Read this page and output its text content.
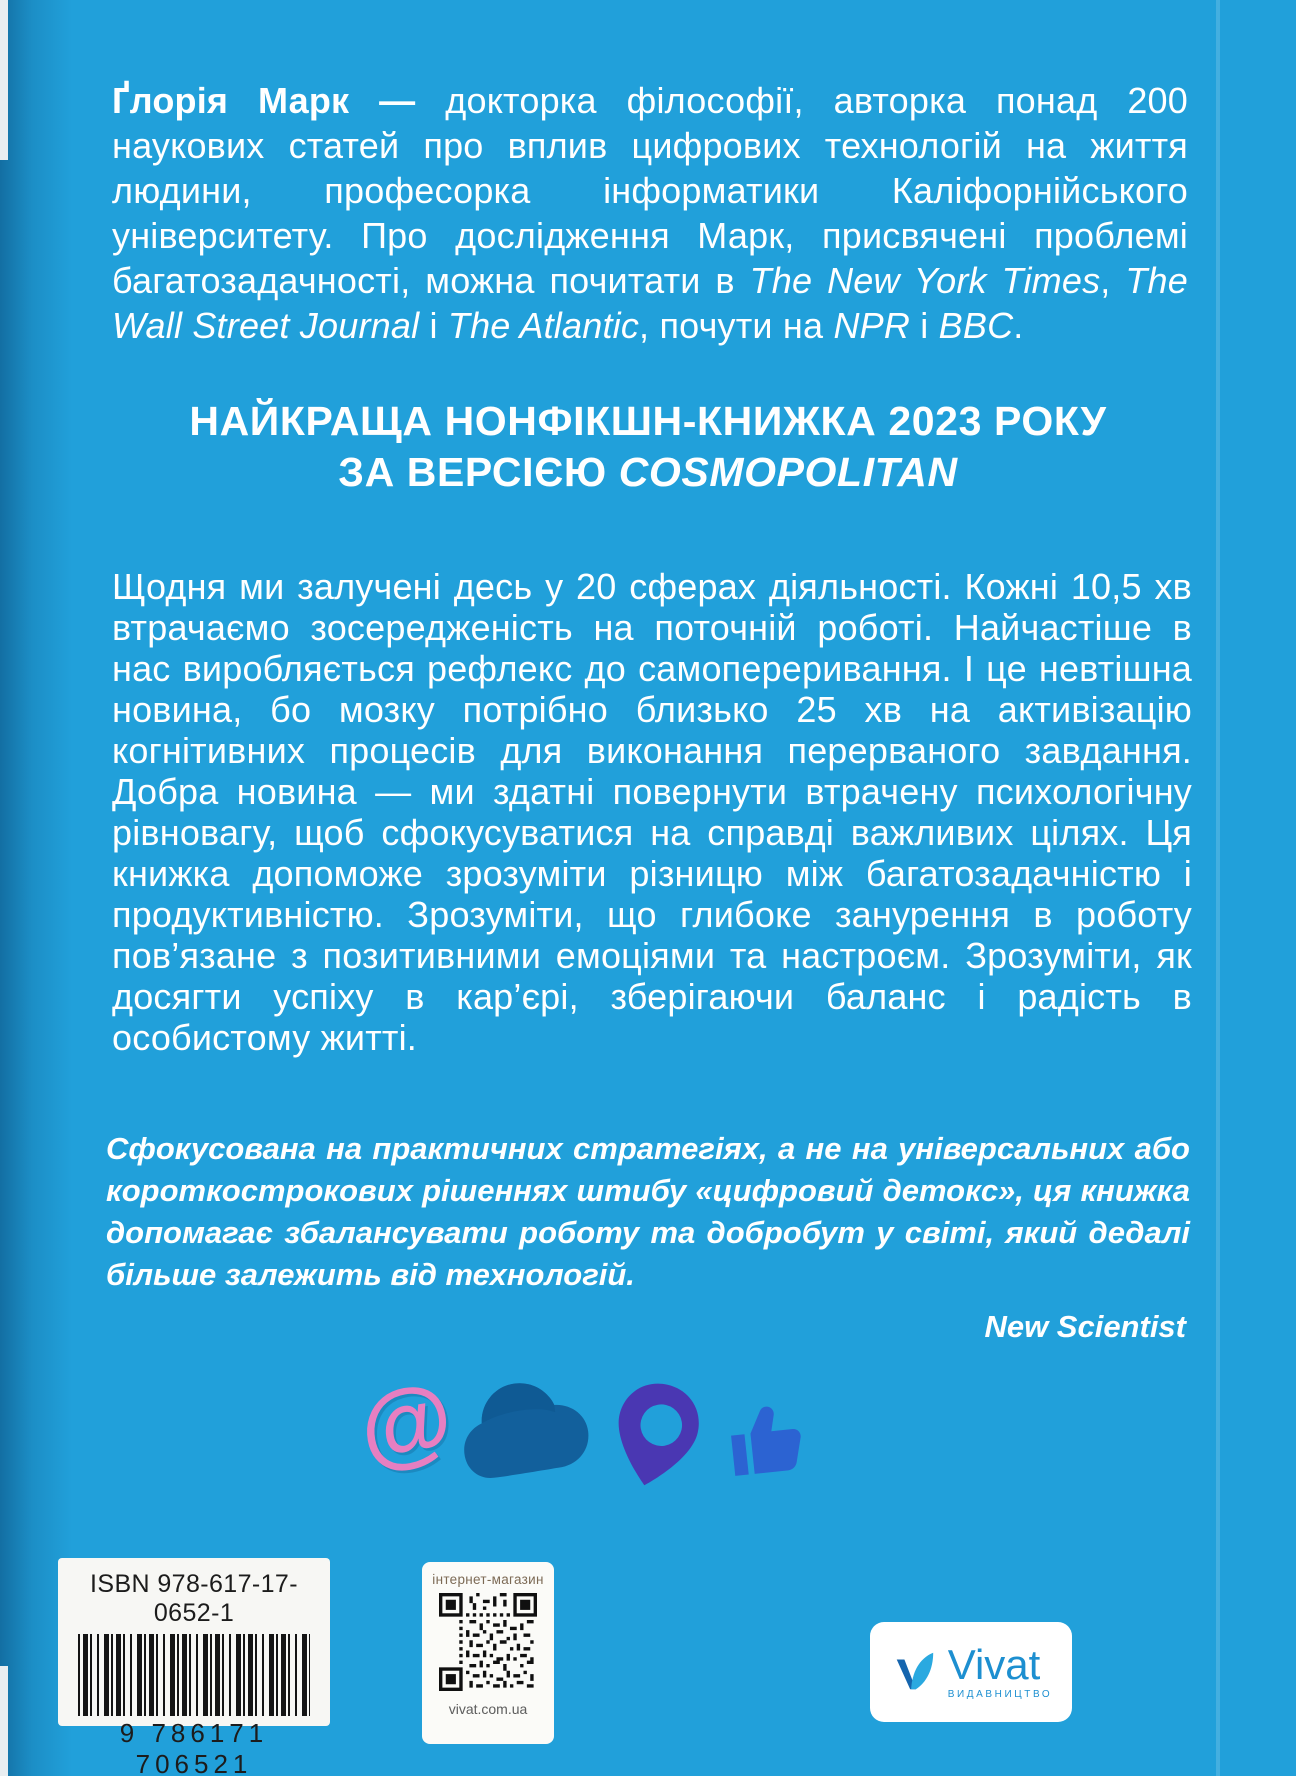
Ґлорія Марк — докторка філософії, авторка понад 200 наукових статей про вплив цифрових технологій на життя людини, професорка інформатики Каліфорнійського університету. Про дослідження Марк, присвячені проблемі багатозадачності, можна почитати в The New York Times, The Wall Street Journal і The Atlantic, почути на NPR і BBC.

НАЙКРАЩА НОНФІКШН-КНИЖКА 2023 РОКУ
ЗА ВЕРСІЄЮ COSMOPOLITAN

Щодня ми залучені десь у 20 сферах діяльності. Кожні 10,5 хв втрачаємо зосередженість на поточній роботі. Найчастіше в нас виробляється рефлекс до самопереривання. І це невтішна новина, бо мозку потрібно близько 25 хв на активізацію когнітивних процесів для виконання перерваного завдання. Добра новина — ми здатні повернути втрачену психологічну рівновагу, щоб сфокусуватися на справді важливих цілях. Ця книжка допоможе зрозуміти різницю між багатозадачністю і продуктивністю. Зрозуміти, що глибоке занурення в роботу пов’язане з позитивними емоціями та настроєм. Зрозуміти, як досягти успіху в кар’єрі, зберігаючи баланс і радість в особистому житті.

Сфокусована на практичних стратегіях, а не на універсальних або короткострокових рішеннях штибу «цифровий детокс», ця книжка допомагає збалансувати роботу та добробут у світі, який дедалі більше залежить від технологій.

New Scientist

@
ISBN 978-617-17-0652-1
9 786171 706521
інтернет-магазин
vivat.com.ua
Vivat
ВИДАВНИЦТВО
